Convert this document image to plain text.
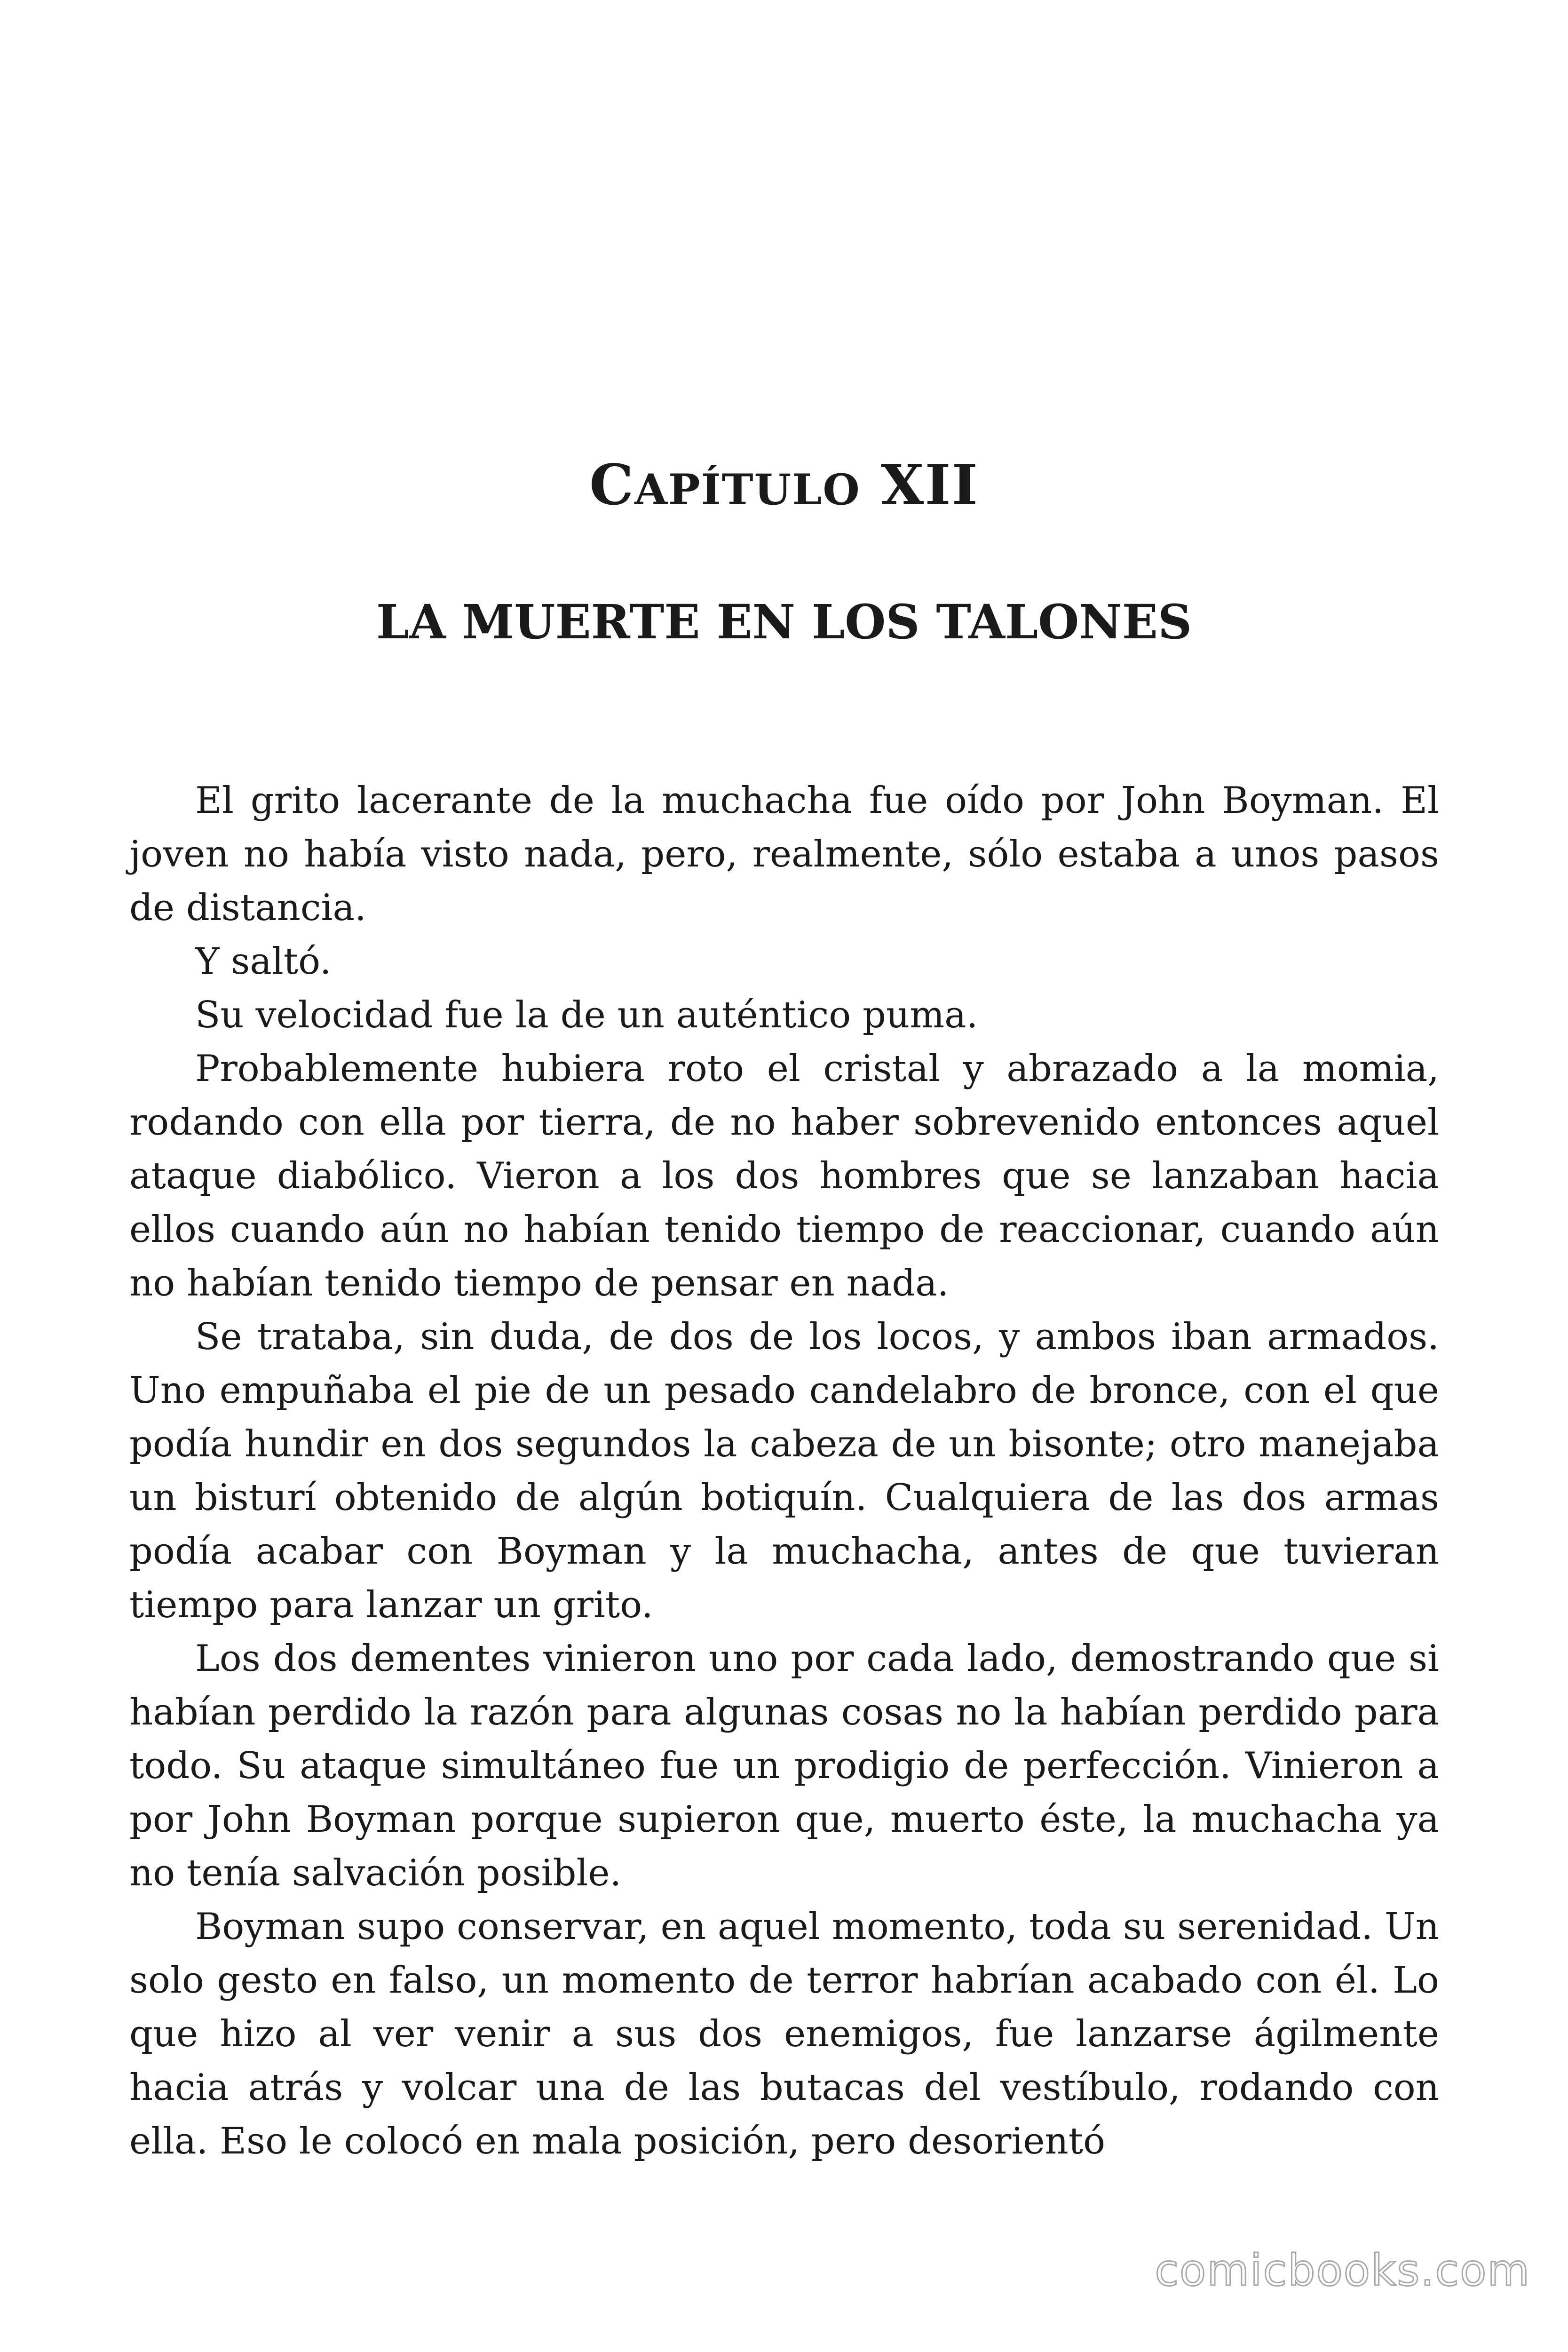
CAPÍTULO XII
LA MUERTE EN LOS TALONES

El grito lacerante de la muchacha fue oído por John Boyman. El joven no había visto nada, pero, realmente, sólo estaba a unos pasos de distancia.

Y saltó.

Su velocidad fue la de un auténtico puma.

Probablemente hubiera roto el cristal y abrazado a la momia, rodando con ella por tierra, de no haber sobrevenido entonces aquel ataque diabólico. Vieron a los dos hombres que se lanzaban hacia ellos cuando aún no habían tenido tiempo de reaccionar, cuando aún no habían tenido tiempo de pensar en nada.

Se trataba, sin duda, de dos de los locos, y ambos iban armados. Uno empuñaba el pie de un pesado candelabro de bronce, con el que podía hundir en dos segundos la cabeza de un bisonte; otro manejaba un bisturí obtenido de algún botiquín. Cualquiera de las dos armas podía acabar con Boyman y la muchacha, antes de que tuvieran tiempo para lanzar un grito.

Los dos dementes vinieron uno por cada lado, demostrando que si habían perdido la razón para algunas cosas no la habían perdido para todo. Su ataque simultáneo fue un prodigio de perfección. Vinieron a por John Boyman porque supieron que, muerto éste, la muchacha ya no tenía salvación posible.

Boyman supo conservar, en aquel momento, toda su serenidad. Un solo gesto en falso, un momento de terror habrían acabado con él. Lo que hizo al ver venir a sus dos enemigos, fue lanzarse ágilmente hacia atrás y volcar una de las butacas del vestíbulo, rodando con ella. Eso le colocó en mala posición, pero desorientó

comicbooks.com
